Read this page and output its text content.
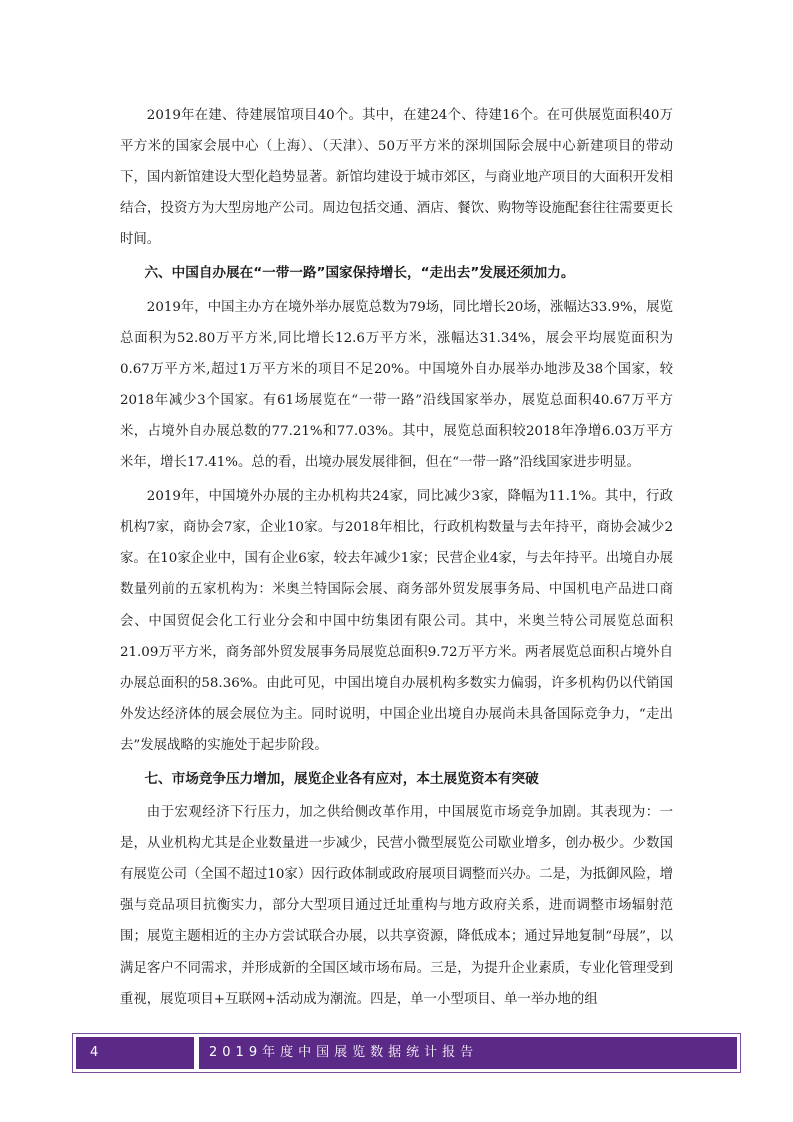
2019年在建、待建展馆项目40个。其中，在建24个、待建16个。在可供展览面积40万平方米的国家会展中心（上海）、（天津）、50万平方米的深圳国际会展中心新建项目的带动下，国内新馆建设大型化趋势显著。新馆均建设于城市郊区，与商业地产项目的大面积开发相结合，投资方为大型房地产公司。周边包括交通、酒店、餐饮、购物等设施配套往往需要更长时间。

六、中国自办展在“一带一路”国家保持增长，“走出去”发展还须加力。

2019年，中国主办方在境外举办展览总数为79场，同比增长20场，涨幅达33.9%，展览总面积为52.80万平方米,同比增长12.6万平方米，涨幅达31.34%，展会平均展览面积为0.67万平方米,超过1万平方米的项目不足20%。中国境外自办展举办地涉及38个国家，较2018年减少3个国家。有61场展览在“一带一路”沿线国家举办，展览总面积40.67万平方米，占境外自办展总数的77.21%和77.03%。其中，展览总面积较2018年净增6.03万平方米年，增长17.41%。总的看，出境办展发展徘徊，但在“一带一路”沿线国家进步明显。

2019年，中国境外办展的主办机构共24家，同比减少3家，降幅为11.1%。其中，行政机构7家，商协会7家，企业10家。与2018年相比，行政机构数量与去年持平，商协会减少2家。在10家企业中，国有企业6家，较去年减少1家；民营企业4家，与去年持平。出境自办展数量列前的五家机构为：米奥兰特国际会展、商务部外贸发展事务局、中国机电产品进口商会、中国贸促会化工行业分会和中国中纺集团有限公司。其中，米奥兰特公司展览总面积21.09万平方米，商务部外贸发展事务局展览总面积9.72万平方米。两者展览总面积占境外自办展总面积的58.36%。由此可见，中国出境自办展机构多数实力偏弱，许多机构仍以代销国外发达经济体的展会展位为主。同时说明，中国企业出境自办展尚未具备国际竞争力，“走出去”发展战略的实施处于起步阶段。

七、市场竞争压力增加，展览企业各有应对，本土展览资本有突破

由于宏观经济下行压力，加之供给侧改革作用，中国展览市场竞争加剧。其表现为：一是，从业机构尤其是企业数量进一步减少，民营小微型展览公司歇业增多，创办极少。少数国有展览公司（全国不超过10家）因行政体制或政府展项目调整而兴办。二是，为抵御风险，增强与竞品项目抗衡实力，部分大型项目通过迁址重构与地方政府关系，进而调整市场辐射范围；展览主题相近的主办方尝试联合办展，以共享资源，降低成本；通过异地复制“母展”，以满足客户不同需求，并形成新的全国区域市场布局。三是，为提升企业素质，专业化管理受到重视，展览项目+互联网+活动成为潮流。四是，单一小型项目、单一举办地的组

4	2019年度中国展览数据统计报告
